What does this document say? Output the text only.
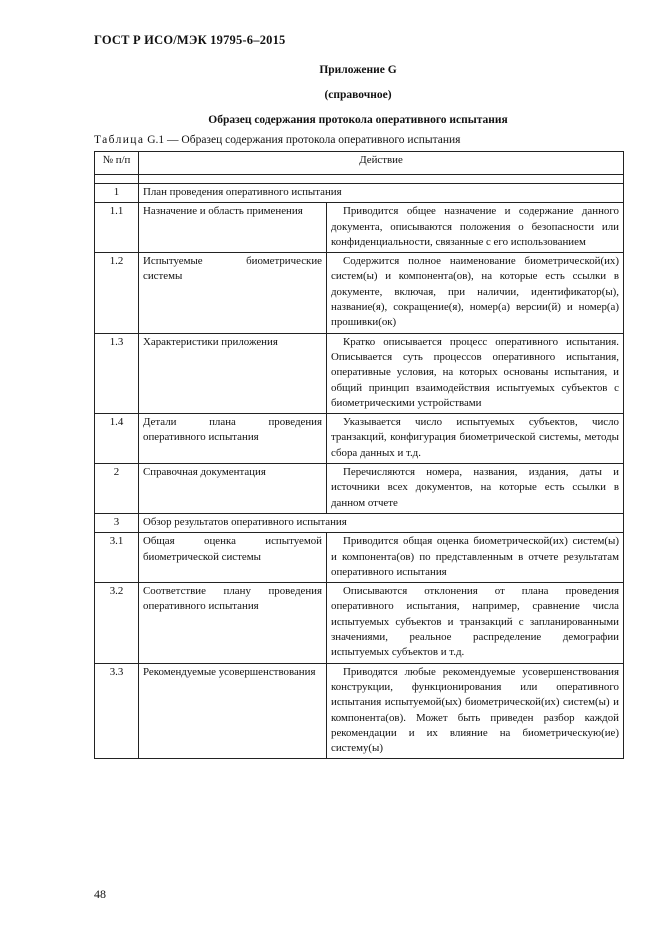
ГОСТ Р ИСО/МЭК 19795-6–2015
Приложение G
(справочное)
Образец содержания протокола оперативного испытания
Таблица G.1 — Образец содержания протокола оперативного испытания
№ п/п	Действие	

1	План проведения оперативного испытания	
1.1	Назначение и область применения	Приводится общее назначение и содержание данного документа, описываются положения о безопасности или конфиденциальности, связанные с его использованием
1.2	Испытуемые биометрические системы	Содержится полное наименование биометрической(их) систем(ы) и компонента(ов), на которые есть ссылки в документе, включая, при наличии, идентификатор(ы), название(я), сокращение(я), номер(а) версии(й) и номер(а) прошивки(ок)
1.3	Характеристики приложения	Кратко описывается процесс оперативного испытания. Описывается суть процессов оперативного испытания, оперативные условия, на которых основаны испытания, и общий принцип взаимодействия испытуемых субъектов с биометрическими устройствами
1.4	Детали плана проведения оперативного испытания	Указывается число испытуемых субъектов, число транзакций, конфигурация биометрической системы, методы сбора данных и т.д.
2	Справочная документация	Перечисляются номера, названия, издания, даты и источники всех документов, на которые есть ссылки в данном отчете
3	Обзор результатов оперативного испытания	
3.1	Общая оценка испытуемой биометрической системы	Приводится общая оценка биометрической(их) систем(ы) и компонента(ов) по представленным в отчете результатам оперативного испытания
3.2	Соответствие плану проведения оперативного испытания	Описываются отклонения от плана проведения оперативного испытания, например, сравнение числа испытуемых субъектов и транзакций с запланированными значениями, реальное распределение демографии испытуемых субъектов и т.д.
3.3	Рекомендуемые усовершенствования	Приводятся любые рекомендуемые усовершенствования конструкции, функционирования или оперативного испытания испытуемой(ых) биометрической(их) систем(ы) и компонента(ов). Может быть приведен разбор каждой рекомендации и их влияние на биометрическую(ие) систему(ы)
48
